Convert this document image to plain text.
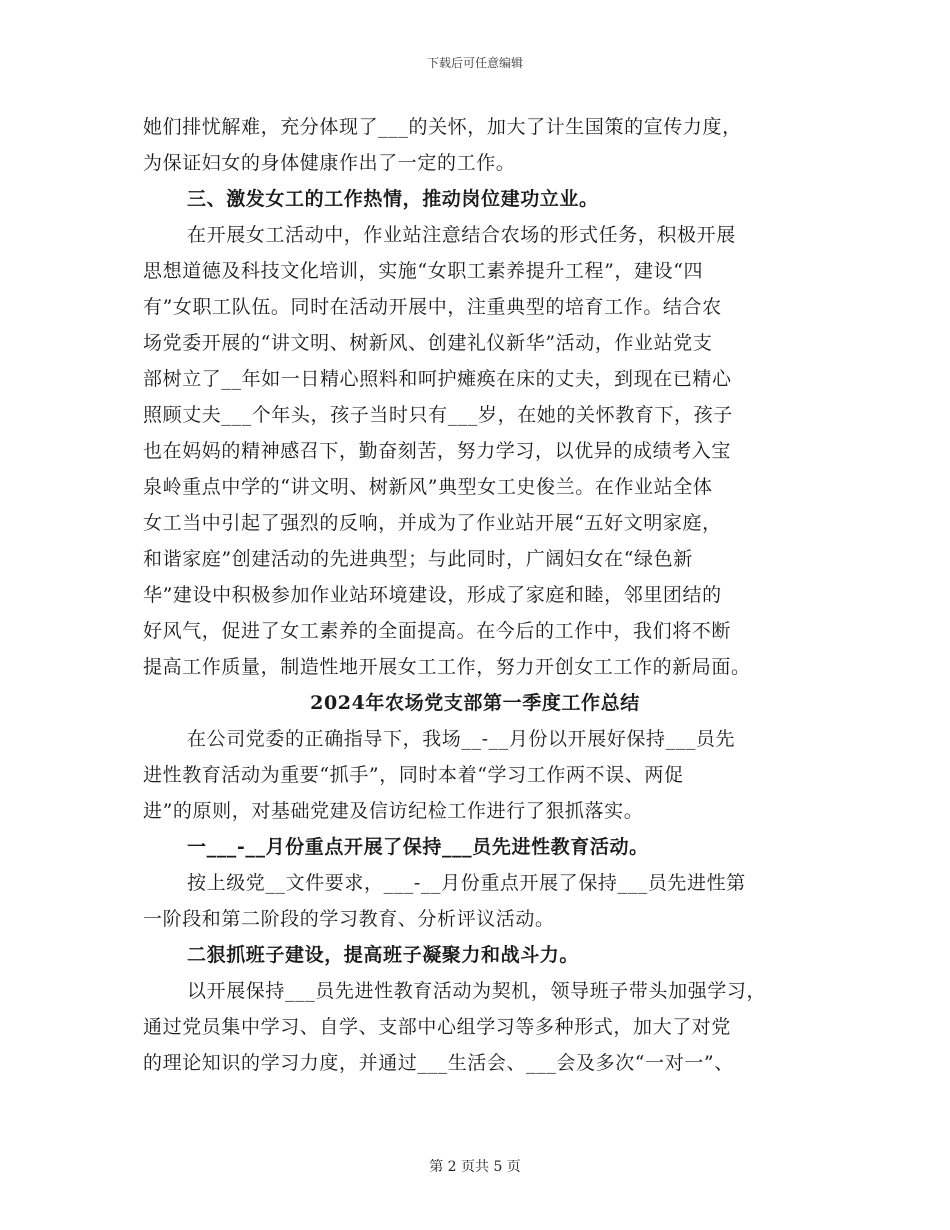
下载后可任意编辑
她们排忧解难，充分体现了___的关怀，加大了计生国策的宣传力度，
为保证妇女的身体健康作出了一定的工作。
三、激发女工的工作热情，推动岗位建功立业。
在开展女工活动中，作业站注意结合农场的形式任务，积极开展
思想道德及科技文化培训，实施“女职工素养提升工程”，建设“四
有”女职工队伍。同时在活动开展中，注重典型的培育工作。结合农
场党委开展的“讲文明、树新风、创建礼仪新华”活动，作业站党支
部树立了__年如一日精心照料和呵护瘫痪在床的丈夫，到现在已精心
照顾丈夫___个年头，孩子当时只有___岁，在她的关怀教育下，孩子
也在妈妈的精神感召下，勤奋刻苦，努力学习，以优异的成绩考入宝
泉岭重点中学的“讲文明、树新风”典型女工史俊兰。在作业站全体
女工当中引起了强烈的反响，并成为了作业站开展“五好文明家庭，
和谐家庭”创建活动的先进典型；与此同时，广阔妇女在“绿色新
华”建设中积极参加作业站环境建设，形成了家庭和睦，邻里团结的
好风气，促进了女工素养的全面提高。在今后的工作中，我们将不断
提高工作质量，制造性地开展女工工作，努力开创女工工作的新局面。
2024年农场党支部第一季度工作总结
在公司党委的正确指导下，我场__-__月份以开展好保持___员先
进性教育活动为重要“抓手”，同时本着“学习工作两不误、两促
进”的原则，对基础党建及信访纪检工作进行了狠抓落实。
一___-__月份重点开展了保持___员先进性教育活动。
按上级党__文件要求，___-__月份重点开展了保持___员先进性第
一阶段和第二阶段的学习教育、分析评议活动。
二狠抓班子建设，提高班子凝聚力和战斗力。
以开展保持___员先进性教育活动为契机，领导班子带头加强学习，
通过党员集中学习、自学、支部中心组学习等多种形式，加大了对党
的理论知识的学习力度，并通过___生活会、___会及多次“一对一”、
第 2 页共 5 页
